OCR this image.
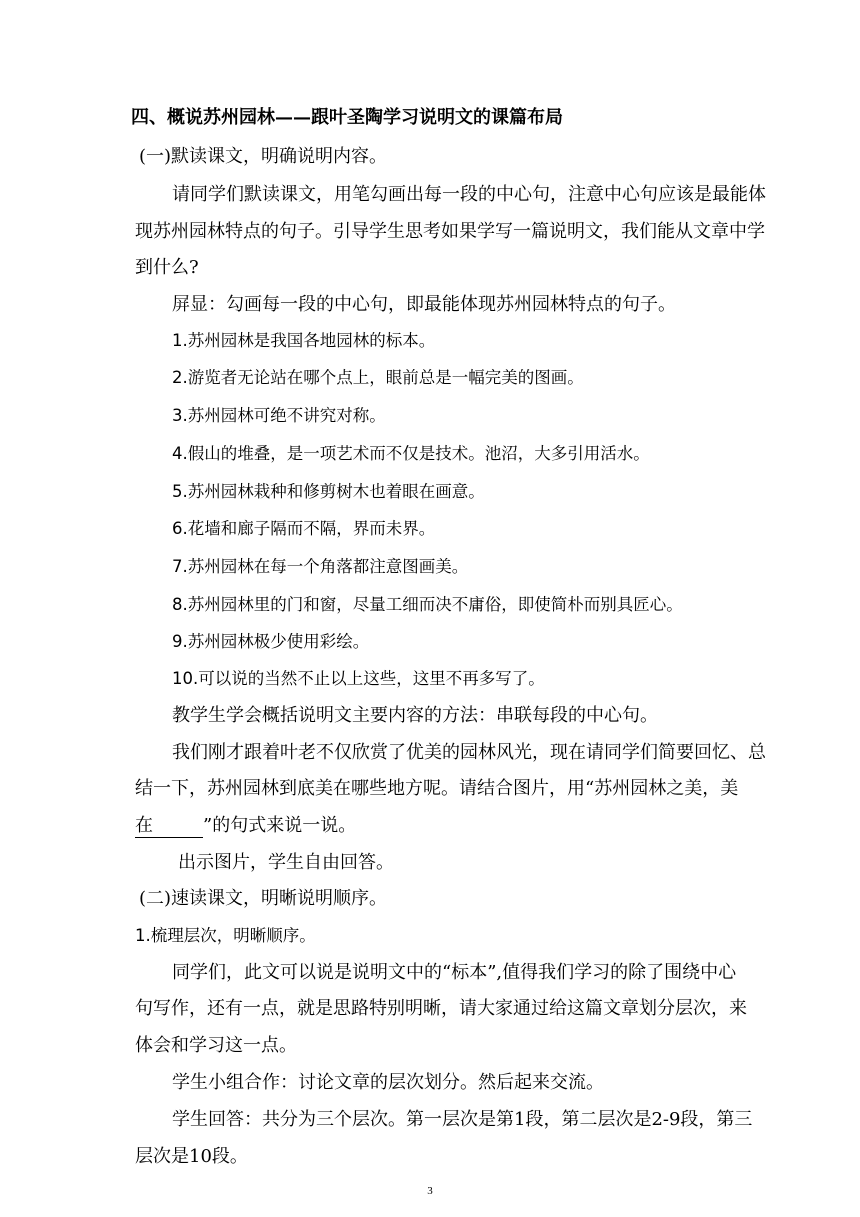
四、概说苏州园林——跟叶圣陶学习说明文的课篇布局
(一)默读课文，明确说明内容。
请同学们默读课文，用笔勾画出每一段的中心句，注意中心句应该是最能体
现苏州园林特点的句子。引导学生思考如果学写一篇说明文，我们能从文章中学
到什么?
屏显：勾画每一段的中心句，即最能体现苏州园林特点的句子。
1.苏州园林是我国各地园林的标本。
2.游览者无论站在哪个点上，眼前总是一幅完美的图画。
3.苏州园林可绝不讲究对称。
4.假山的堆叠，是一项艺术而不仅是技术。池沼，大多引用活水。
5.苏州园林栽种和修剪树木也着眼在画意。
6.花墙和廊子隔而不隔，界而未界。
7.苏州园林在每一个角落都注意图画美。
8.苏州园林里的门和窗，尽量工细而决不庸俗，即使简朴而别具匠心。
9.苏州园林极少使用彩绘。
10.可以说的当然不止以上这些，这里不再多写了。
教学生学会概括说明文主要内容的方法：串联每段的中心句。
我们刚才跟着叶老不仅欣赏了优美的园林风光，现在请同学们简要回忆、总
结一下，苏州园林到底美在哪些地方呢。请结合图片，用“苏州园林之美，美
在	”的句式来说一说。
出示图片，学生自由回答。
(二)速读课文，明晰说明顺序。
1.梳理层次，明晰顺序。
同学们，此文可以说是说明文中的“标本”,值得我们学习的除了围绕中心
句写作，还有一点，就是思路特别明晰，请大家通过给这篇文章划分层次，来
体会和学习这一点。
学生小组合作：讨论文章的层次划分。然后起来交流。
学生回答：共分为三个层次。第一层次是第1段，第二层次是2-9段，第三
层次是10段。
3
